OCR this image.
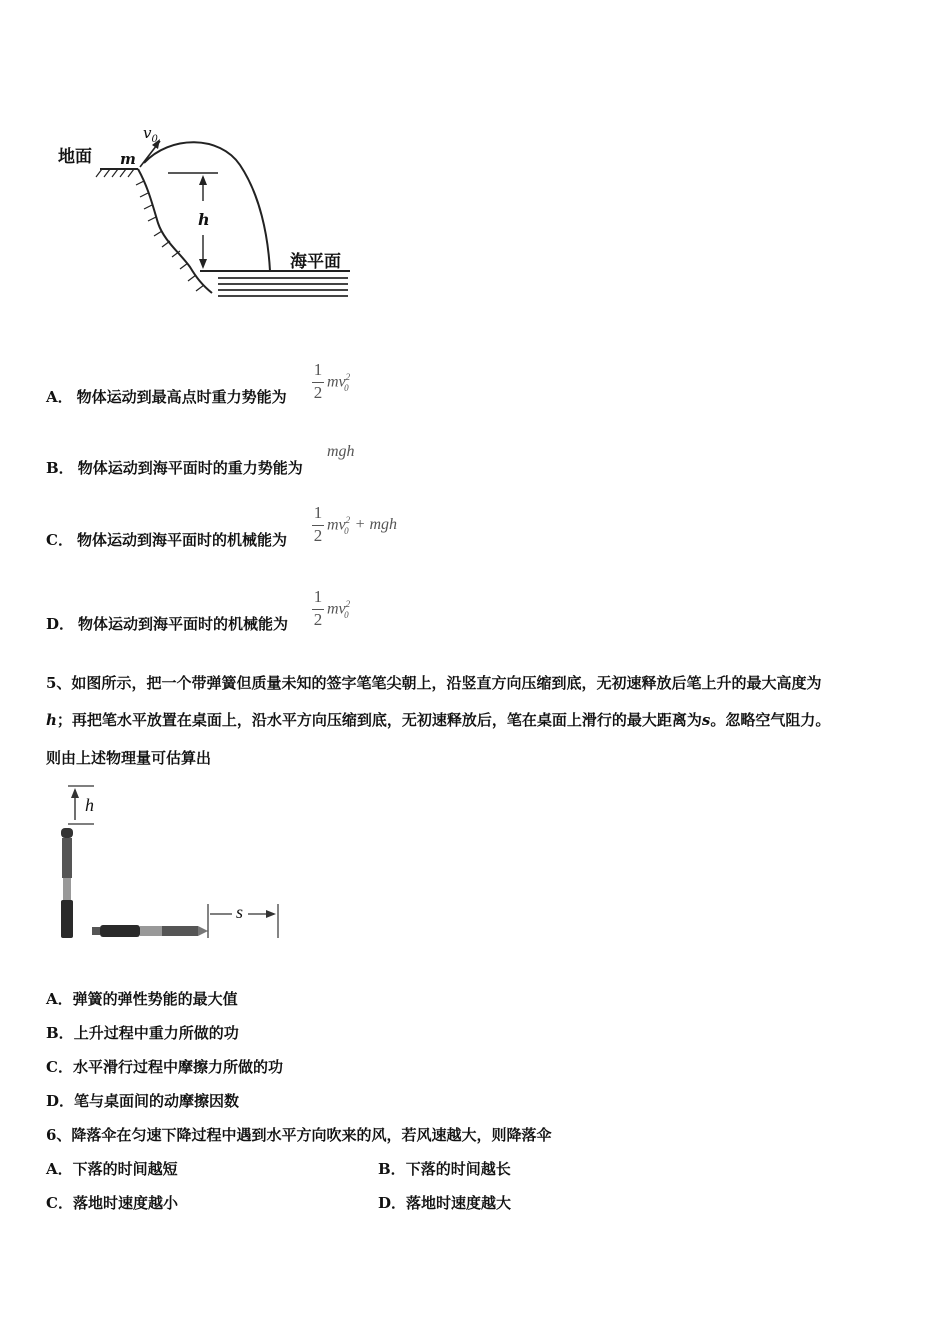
地面 m
$v_0$
h
海平面
A． 物体运动到最高点时重力势能为
1
2
$mv^2_0$
B． 物体运动到海平面时的重力势能为
mgh
C． 物体运动到海平面时的机械能为
1
2
$mv^2_0$ + mgh
D． 物体运动到海平面时的机械能为
1
2
$mv^2_0$
5、如图所示，把一个带弹簧但质量未知的签字笔笔尖朝上，沿竖直方向压缩到底，无初速释放后笔上升的最大高度为
h；再把笔水平放置在桌面上，沿水平方向压缩到底，无初速释放后，笔在桌面上滑行的最大距离为s。忽略空气阻力。
则由上述物理量可估算出
h
s
A．弹簧的弹性势能的最大值
B．上升过程中重力所做的功
C．水平滑行过程中摩擦力所做的功
D．笔与桌面间的动摩擦因数
6、降落伞在匀速下降过程中遇到水平方向吹来的风，若风速越大，则降落伞
A．下落的时间越短	B．下落的时间越长
C．落地时速度越小	D．落地时速度越大
